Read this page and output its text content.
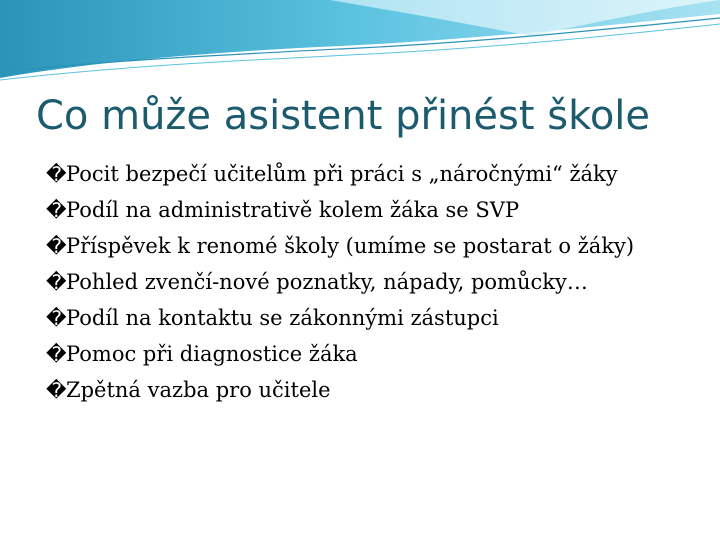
Co může asistent přinést škole
� Pocit bezpečí učitelům při práci s „náročnými“ žáky
� Podíl na administrativě kolem žáka se SVP
� Příspěvek k renomé školy (umíme se postarat o žáky)
� Pohled zvenčí-nové poznatky, nápady, pomůcky…
� Podíl na kontaktu se zákonnými zástupci
� Pomoc při diagnostice žáka
� Zpětná vazba pro učitele
